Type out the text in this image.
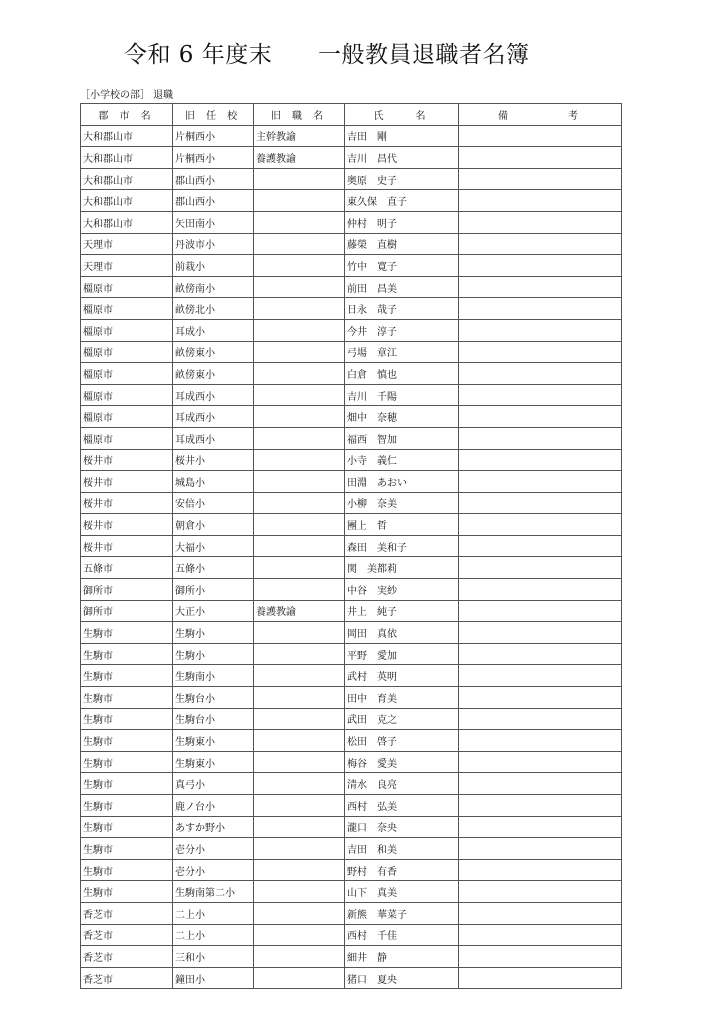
令和 6 年度末 一般教員退職者名簿
［小学校の部］ 退職
郡 市 名	旧 任 校	旧 職 名	氏　　名	備　　　　考
大和郡山市	片桐西小	主幹教諭	吉田　剛	
大和郡山市	片桐西小	養護教諭	吉川　昌代	
大和郡山市	郡山西小		奥原　史子	
大和郡山市	郡山西小		東久保　直子	
大和郡山市	矢田南小		仲村　明子	
天理市	丹波市小		藤榮　直樹	
天理市	前栽小		竹中　寛子	
橿原市	畝傍南小		前田　昌美	
橿原市	畝傍北小		日永　哉子	
橿原市	耳成小		今井　淳子	
橿原市	畝傍東小		弓場　章江	
橿原市	畝傍東小		白倉　慎也	
橿原市	耳成西小		吉川　千陽	
橿原市	耳成西小		畑中　奈穂	
橿原市	耳成西小		福西　智加	
桜井市	桜井小		小寺　義仁	
桜井市	城島小		田淵　あおい	
桜井市	安倍小		小柳　奈美	
桜井市	朝倉小		團上　哲	
桜井市	大福小		森田　美和子	
五條市	五條小		関　美都莉	
御所市	御所小		中谷　実紗	
御所市	大正小	養護教諭	井上　純子	
生駒市	生駒小		岡田　真依	
生駒市	生駒小		平野　愛加	
生駒市	生駒南小		武村　英明	
生駒市	生駒台小		田中　育美	
生駒市	生駒台小		武田　克之	
生駒市	生駒東小		松田　啓子	
生駒市	生駒東小		梅谷　愛美	
生駒市	真弓小		清水　良亮	
生駒市	鹿ノ台小		西村　弘美	
生駒市	あすか野小		瀧口　奈央	
生駒市	壱分小		吉田　和美	
生駒市	壱分小		野村　有香	
生駒市	生駒南第二小		山下　真美	
香芝市	二上小		新熊　華菜子	
香芝市	二上小		西村　千佳	
香芝市	三和小		細井　静	
香芝市	鐘田小		猪口　夏央	
